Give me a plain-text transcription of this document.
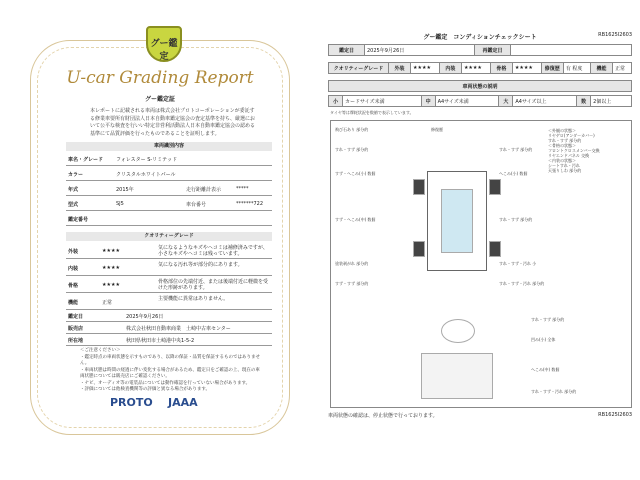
グー鑑定
U-car Grading Report
グー鑑定証
本レポートに記載される車両は株式会社プロトコーポレーションが委託する修業車要所有財団法人日本自動車鑑定協会の査定基準を持ち、厳選において公平な検査を行いい特定非営利活動法人日本自動車鑑定協会の認める基準にて品質評価を行ったものであることを証明します。
車両識別内容
車名・グレード	フォレスター S-リミテッド
カラー	クリスタルホワイトパール
年式	2015年	走行距離計表示	*****
型式	SJ5	車台番号	*******722
鑑定番号
クオリティーグレード
外装	★★★★	気になるようなキズやヘコミは補修済みですが、小さなキズやヘコミは残っています。
内装	★★★★	気になる汚れ等が部分的にあります。
骨格	★★★★	骨格部位の先端付近、または後端付近に軽微を受けた形跡があります。
機能	正常
主要機能に異常はありません。
鑑定日	2025年9月26日
販売店	株式会社秋田自動車商業　土崎中古車センター
所在地	秋田県秋田市土崎港中央1-5-2
＜ご注意ください＞
・鑑定時点の車両状態を示すものであり、以降の保証・品質を保証するものではありません。
・車両状態は時間の経過に伴い変化する場合があるため、鑑定日をご確認の上、現在の車両状態については販売店にご確認ください。
・ナビ、オーディオ等の電装品については動作確認を行っていない場合があります。
・評価については他検査機関等の評価と異なる場合があります。
PROTO JAAA
グー鑑定　コンディションチェックシート	RB1625I2603
鑑定日	2025年9月26日	再鑑定日	
クオリティーグレード	外装	★★★★	内装	★★★★	骨格	★★★★	修復歴	有 程度	機能	正常
車両状態の説明
小	カードサイズ未満	中	A4サイズ未満	大	A4サイズ以上	数	2個以上
タイヤ等は摩耗状況を数値で表示しています。
飛び石あり 部分的	修復歴
すれ・すず 部分的
すず・へこみ(小) 数個
すず・へこみ(中) 数個
塗装剥がれ 部分的
すず・すず 部分的
ヘこみ(小) 数個
すれ・すず 部分的
すれ・すず 部分的
すれ・すず・汚れ 小
すれ・すず・汚れ 部分的
すれ・すず 部分的
凹み(小) 全体
ヘこみ(中) 数個
すれ・すず・汚れ 部分的
＜外観の状態＞
リヤゲロ(アンダーカバー)
すれ・すず 部分的
＜骨格の状態＞
フロントクロスメンバー交換
リヤエンドパネル 交換
＜内装の状態＞
シートすれ・汚れ
天張りしわ 部分的
車両状態の確認は、停止状態で行っております。	RB1625I2603
